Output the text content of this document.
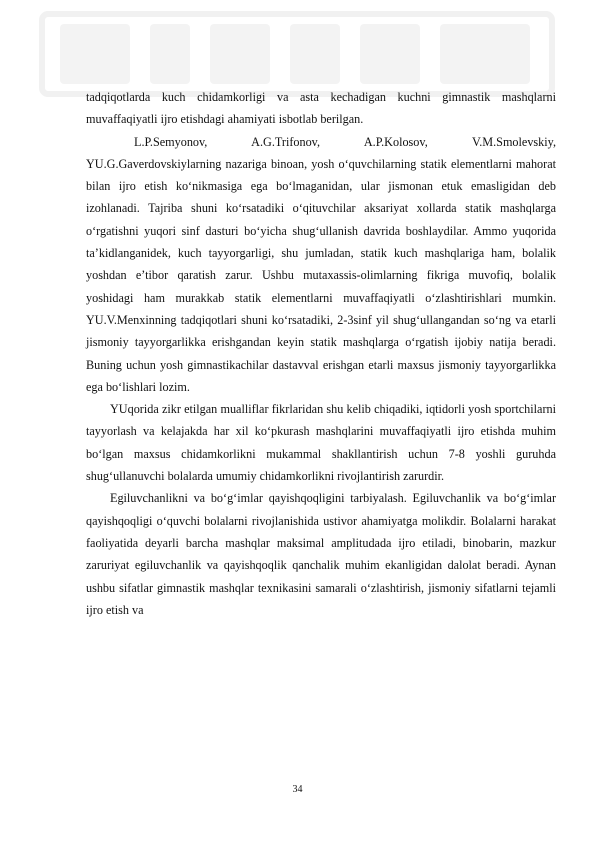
tadqiqotlarda kuch chidamkorligi va asta kechadigan kuchni gimnastik mashqlarni muvaffaqiyatli ijro etishdagi ahamiyati isbotlab berilgan.

L.P.Semyonov, A.G.Trifonov, A.P.Kolosov, V.M.Smolevskiy, YU.G.Gaverdovskiylarning nazariga binoan, yosh o‘quvchilarning statik elementlarni mahorat bilan ijro etish ko‘nikmasiga ega bo‘lmaganidan, ular jismonan etuk emasligidan deb izohlanadi. Tajriba shuni ko‘rsatadiki o‘qituvchilar aksariyat xollarda statik mashqlarga o‘rgatishni yuqori sinf dasturi bo‘yicha shug‘ullanish davrida boshlaydilar. Ammo yuqorida ta’kidlanganidek, kuch tayyorgarligi, shu jumladan, statik kuch mashqlariga ham, bolalik yoshdan e’tibor qaratish zarur. Ushbu mutaxassis-olimlarning fikriga muvofiq, bolalik yoshidagi ham murakkab statik elementlarni muvaffaqiyatli o‘zlashtirishlari mumkin. YU.V.Menxinning tadqiqotlari shuni ko‘rsatadiki, 2-3sinf yil shug‘ullangandan so‘ng va etarli jismoniy tayyorgarlikka erishgandan keyin statik mashqlarga o‘rgatish ijobiy natija beradi. Buning uchun yosh gimnastikachilar dastavval erishgan etarli maxsus jismoniy tayyorgarlikka ega bo‘lishlari lozim.

YUqorida zikr etilgan mualliflar fikrlaridan shu kelib chiqadiki, iqtidorli yosh sportchilarni tayyorlash va kelajakda har xil ko‘pkurash mashqlarini muvaffaqiyatli ijro etishda muhim bo‘lgan maxsus chidamkorlikni mukammal shakllantirish uchun 7-8 yoshli guruhda shug‘ullanuvchi bolalarda umumiy chidamkorlikni rivojlantirish zarurdir.

Egiluvchanlikni va bo‘g‘imlar qayishqoqligini tarbiyalash. Egiluvchanlik va bo‘g‘imlar qayishqoqligi o‘quvchi bolalarni rivojlanishida ustivor ahamiyatga molikdir. Bolalarni harakat faoliyatida deyarli barcha mashqlar maksimal amplitudada ijro etiladi, binobarin, mazkur zaruriyat egiluvchanlik va qayishqoqlik qanchalik muhim ekanligidan dalolat beradi. Aynan ushbu sifatlar gimnastik mashqlar texnikasini samarali o‘zlashtirish, jismoniy sifatlarni tejamli ijro etish va

34
